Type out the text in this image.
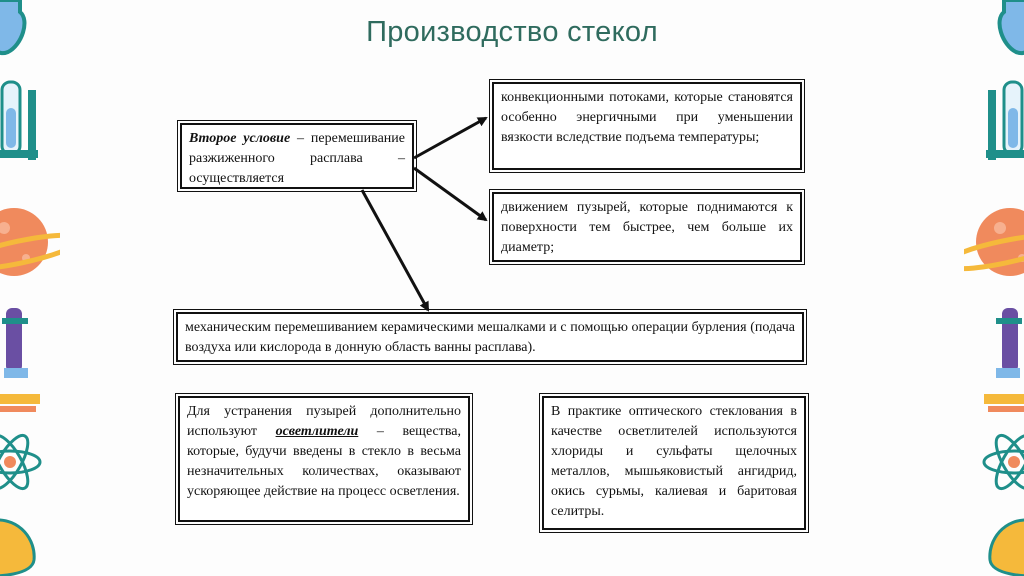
Производство стекол
Второе условие – перемешивание разжиженного расплава – осуществляется
конвекционными потоками, которые становятся особенно энергичными при уменьшении вязкости вследствие подъема температуры;
движением пузырей, которые поднимаются к поверхности тем быстрее, чем больше их диаметр;
механическим перемешиванием керамическими мешалками и с помощью операции бурления (подача воздуха или кислорода в донную область ванны расплава).
Для устранения пузырей дополнительно используют осветлители – вещества, которые, будучи введены в стекло в весьма незначительных количествах, оказывают ускоряющее действие на процесс осветления.
В практике оптического стеклования в качестве осветлителей используются хлориды и сульфаты щелочных металлов, мышьяковистый ангидрид, окись сурьмы, калиевая и баритовая селитры.
